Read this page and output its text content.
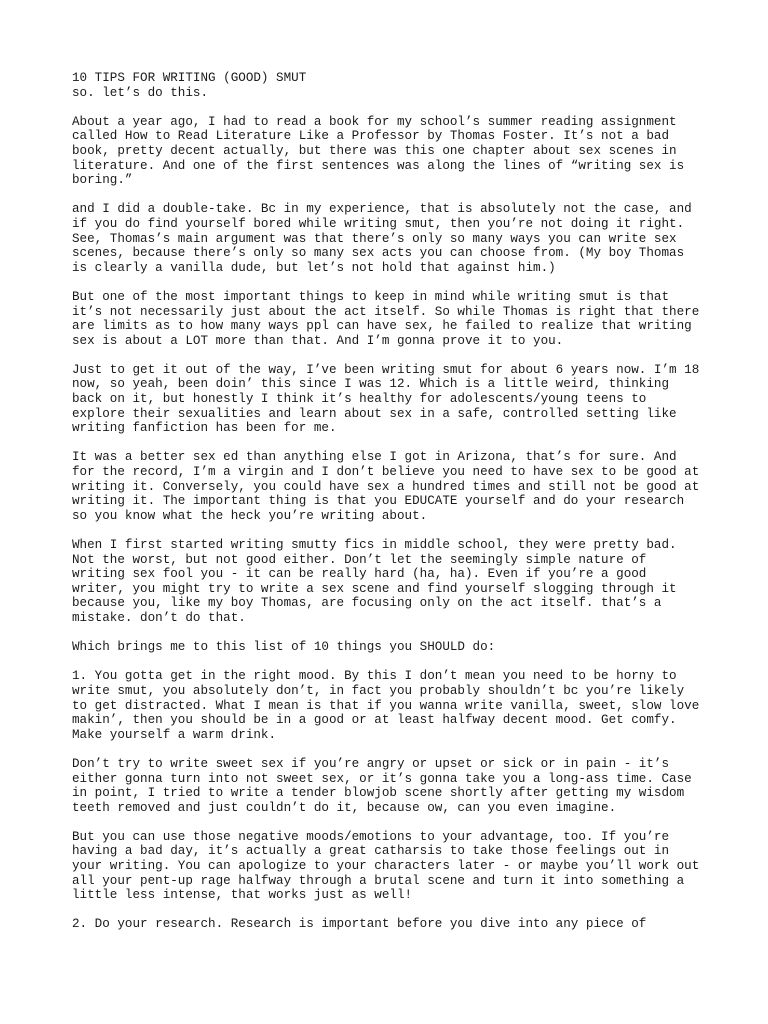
10 TIPS FOR WRITING (GOOD) SMUT

so. let’s do this.

About a year ago, I had to read a book for my school’s summer reading assignment

called How to Read Literature Like a Professor by Thomas Foster. It’s not a bad

book, pretty decent actually, but there was this one chapter about sex scenes in

literature. And one of the first sentences was along the lines of “writing sex is

boring.”

and I did a double-take. Bc in my experience, that is absolutely not the case, and

if you do find yourself bored while writing smut, then you’re not doing it right.

See, Thomas’s main argument was that there’s only so many ways you can write sex

scenes, because there’s only so many sex acts you can choose from. (My boy Thomas

is clearly a vanilla dude, but let’s not hold that against him.)

But one of the most important things to keep in mind while writing smut is that

it’s not necessarily just about the act itself. So while Thomas is right that there

are limits as to how many ways ppl can have sex, he failed to realize that writing

sex is about a LOT more than that. And I’m gonna prove it to you.

Just to get it out of the way, I’ve been writing smut for about 6 years now. I’m 18

now, so yeah, been doin’ this since I was 12. Which is a little weird, thinking

back on it, but honestly I think it’s healthy for adolescents/young teens to

explore their sexualities and learn about sex in a safe, controlled setting like

writing fanfiction has been for me.

It was a better sex ed than anything else I got in Arizona, that’s for sure. And

for the record, I’m a virgin and I don’t believe you need to have sex to be good at

writing it. Conversely, you could have sex a hundred times and still not be good at

writing it. The important thing is that you EDUCATE yourself and do your research

so you know what the heck you’re writing about.

When I first started writing smutty fics in middle school, they were pretty bad.

Not the worst, but not good either. Don’t let the seemingly simple nature of

writing sex fool you - it can be really hard (ha, ha). Even if you’re a good

writer, you might try to write a sex scene and find yourself slogging through it

because you, like my boy Thomas, are focusing only on the act itself. that’s a

mistake. don’t do that.

Which brings me to this list of 10 things you SHOULD do:

1. You gotta get in the right mood. By this I don’t mean you need to be horny to

write smut, you absolutely don’t, in fact you probably shouldn’t bc you’re likely

to get distracted. What I mean is that if you wanna write vanilla, sweet, slow love

makin’, then you should be in a good or at least halfway decent mood. Get comfy.

Make yourself a warm drink.

Don’t try to write sweet sex if you’re angry or upset or sick or in pain - it’s

either gonna turn into not sweet sex, or it’s gonna take you a long-ass time. Case

in point, I tried to write a tender blowjob scene shortly after getting my wisdom

teeth removed and just couldn’t do it, because ow, can you even imagine.

But you can use those negative moods/emotions to your advantage, too. If you’re

having a bad day, it’s actually a great catharsis to take those feelings out in

your writing. You can apologize to your characters later - or maybe you’ll work out

all your pent-up rage halfway through a brutal scene and turn it into something a

little less intense, that works just as well!

2. Do your research. Research is important before you dive into any piece of
